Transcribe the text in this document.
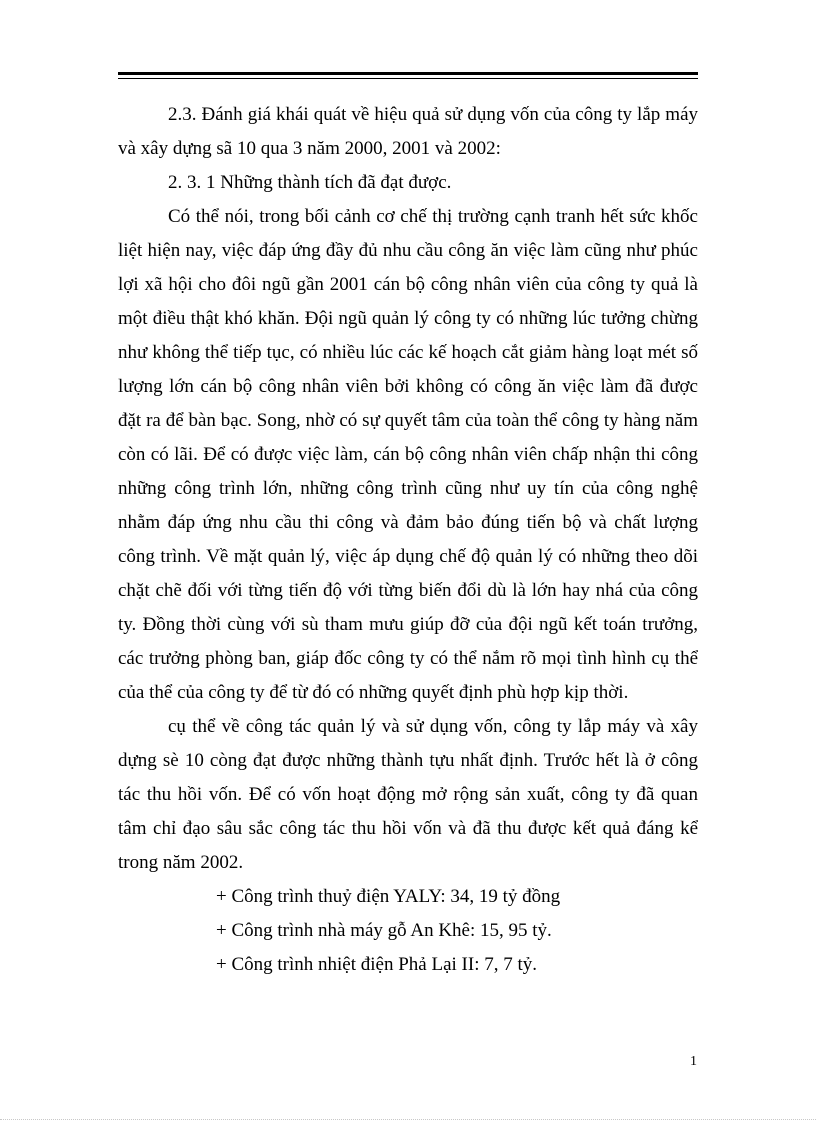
2.3. Đánh giá khái quát về hiệu quả sử dụng vốn của công ty lắp máy và xây dựng sã 10 qua 3 năm 2000, 2001 và 2002:

2. 3. 1 Những thành tích đã đạt được.

Có thể nói, trong bối cảnh cơ chế thị trường cạnh tranh hết sức khốc liệt hiện nay, việc đáp ứng đầy đủ nhu cầu công ăn việc làm cũng như phúc lợi xã hội cho đôi ngũ gần 2001 cán bộ công nhân viên của công ty quả là một điều thật khó khăn. Đội ngũ quản lý công ty có những lúc tưởng chừng như không thể tiếp tục, có nhiều lúc các kế hoạch cắt giảm hàng loạt mét số lượng lớn cán bộ công nhân viên bởi không có công ăn việc làm đã được đặt ra để bàn bạc. Song, nhờ có sự quyết tâm của toàn thể công ty hàng năm còn có lãi. Để có được việc làm, cán bộ công nhân viên chấp nhận thi công những công trình lớn, những công trình cũng như uy tín của công nghệ nhằm đáp ứng nhu cầu thi công và đảm bảo đúng tiến bộ và chất lượng công trình. Về mặt quản lý, việc áp dụng chế độ quản lý có những theo dõi chặt chẽ đối với từng tiến độ với từng biến đổi dù là lớn hay nhá của công ty. Đồng thời cùng với sù tham mưu giúp đỡ của đội ngũ kết toán trưởng, các trưởng phòng ban, giáp đốc công ty có thể nắm rõ mọi tình hình cụ thể của thể của công ty để từ đó có những quyết định phù hợp kịp thời.

cụ thể về công tác quản lý và sử dụng vốn, công ty lắp máy và xây dựng sè 10 còng đạt được những thành tựu nhất định. Trước hết là ở công tác thu hồi vốn. Để có vốn hoạt động mở rộng sản xuất, công ty đã quan tâm chỉ đạo sâu sắc công tác thu hồi vốn và đã thu được kết quả đáng kể trong năm 2002.

+ Công trình thuỷ điện YALY: 34, 19 tỷ đồng

+ Công trình nhà máy gỗ An Khê: 15, 95 tỷ.

+ Công trình nhiệt điện Phả Lại II: 7, 7 tỷ.

1
